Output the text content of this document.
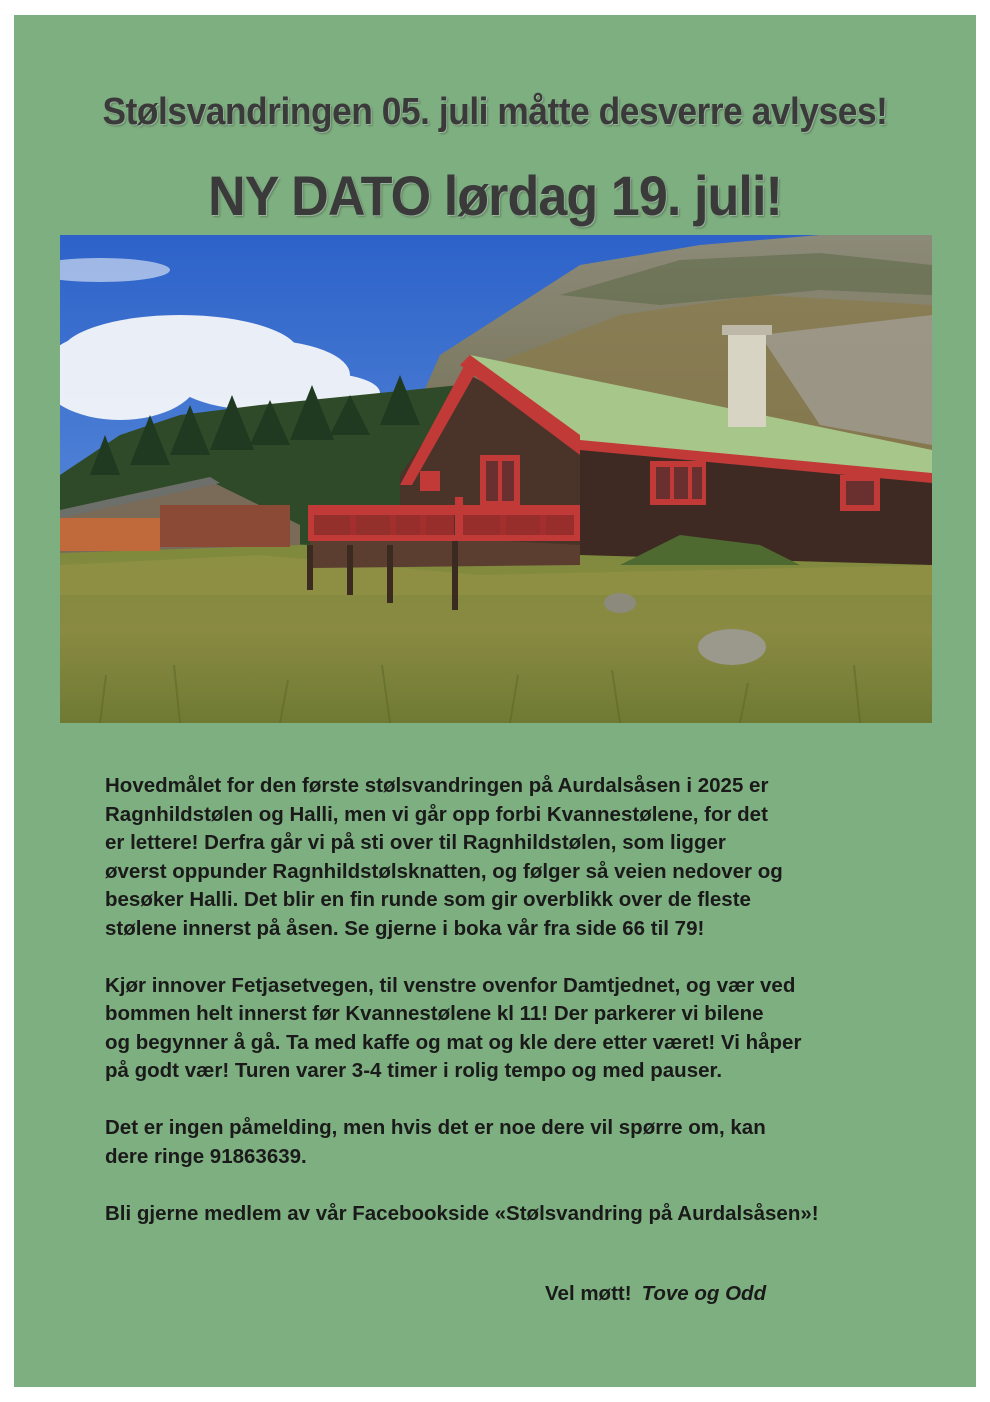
Stølsvandringen 05. juli måtte desverre avlyses!
NY DATO lørdag 19. juli!

Hovedmålet for den første stølsvandringen på Aurdalsåsen i 2025 er
Ragnhildstølen og Halli, men vi går opp forbi Kvannestølene, for det
er lettere! Derfra går vi på sti over til Ragnhildstølen, som ligger
øverst oppunder Ragnhildstølsknatten, og følger så veien nedover og
besøker Halli. Det blir en fin runde som gir overblikk over de fleste
stølene innerst på åsen. Se gjerne i boka vår fra side 66 til 79!

Kjør innover Fetjasetvegen, til venstre ovenfor Damtjednet, og vær ved
bommen helt innerst før Kvannestølene kl 11! Der parkerer vi bilene
og begynner å gå. Ta med kaffe og mat og kle dere etter været! Vi håper
på godt vær! Turen varer 3-4 timer i rolig tempo og med pauser.

Det er ingen påmelding, men hvis det er noe dere vil spørre om, kan
dere ringe 91863639.

Bli gjerne medlem av vår Facebookside «Stølsvandring på Aurdalsåsen»!

Vel møtt! Tove og Odd
